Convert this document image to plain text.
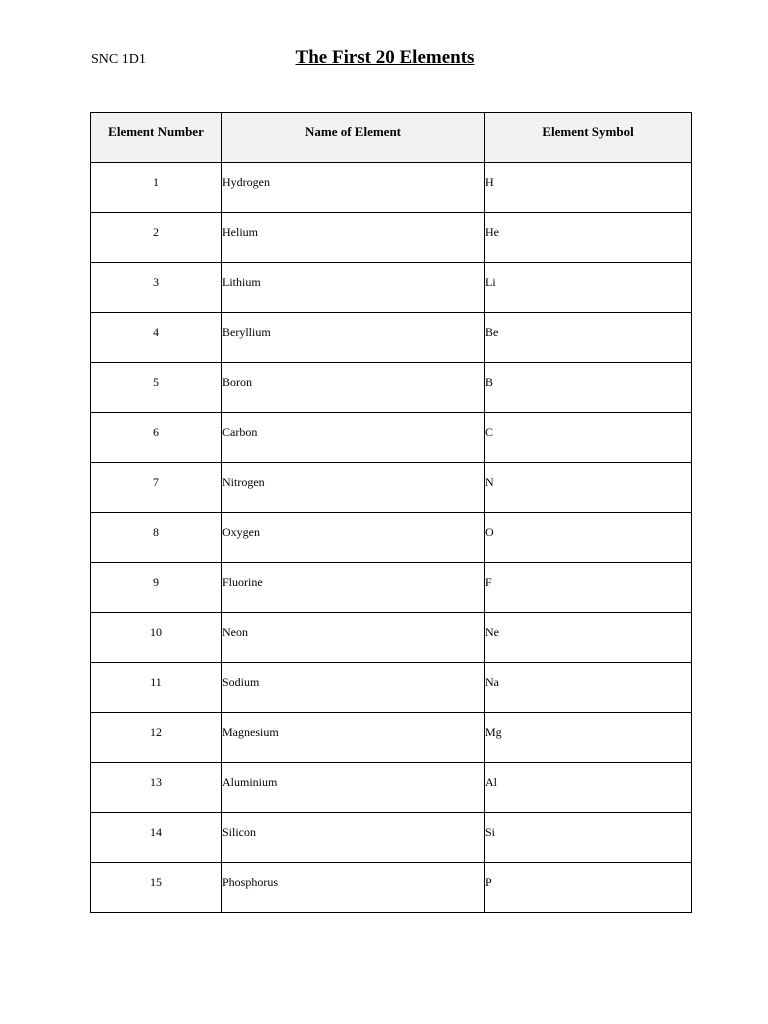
SNC 1D1	The First 20 Elements
Element Number	Name of Element	Element Symbol
1	Hydrogen	H
2	Helium	He
3	Lithium	Li
4	Beryllium	Be
5	Boron	B
6	Carbon	C
7	Nitrogen	N
8	Oxygen	O
9	Fluorine	F
10	Neon	Ne
11	Sodium	Na
12	Magnesium	Mg
13	Aluminium	Al
14	Silicon	Si
15	Phosphorus	P
